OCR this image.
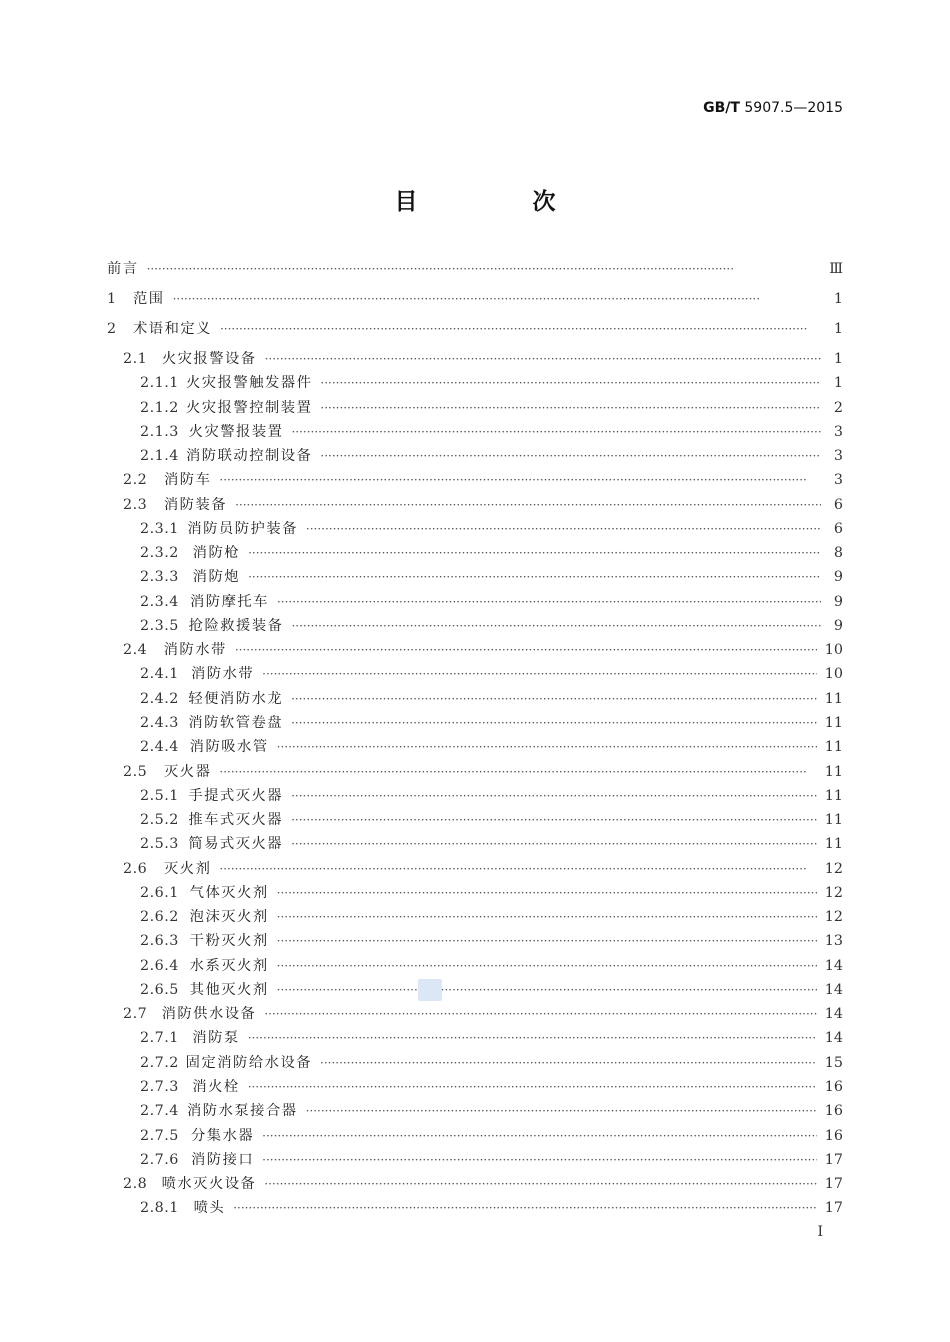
GB/T 5907.5—2015
目　次
前言 ·····	Ⅲ
1	范围 ·····	1
2	术语和定义 ·····	1
2.1	火灾报警设备 ·····	1
2.1.1 火灾报警触发器件 ·····	1
2.1.2 火灾报警控制装置 ·····	2
2.1.3 火灾警报装置 ·····	3
2.1.4 消防联动控制设备 ·····	3
2.2	消防车 ·····	3
2.3	消防装备 ·····	6
2.3.1 消防员防护装备 ·····	6
2.3.2 消防枪 ·····	8
2.3.3 消防炮 ·····	9
2.3.4 消防摩托车 ·····	9
2.3.5 抢险救援装备 ·····	9
2.4	消防水带 ·····	10
2.4.1 消防水带 ·····	10
2.4.2 轻便消防水龙 ·····	11
2.4.3 消防软管卷盘 ·····	11
2.4.4 消防吸水管 ·····	11
2.5	灭火器 ·····	11
2.5.1 手提式灭火器 ·····	11
2.5.2 推车式灭火器 ·····	11
2.5.3 简易式灭火器 ·····	11
2.6	灭火剂 ·····	12
2.6.1 气体灭火剂 ·····	12
2.6.2 泡沫灭火剂 ·····	12
2.6.3 干粉灭火剂 ·····	13
2.6.4 水系灭火剂 ·····	14
2.6.5 其他灭火剂 ·····	14
2.7	消防供水设备 ·····	14
2.7.1 消防泵 ·····	14
2.7.2 固定消防给水设备 ·····	15
2.7.3 消火栓 ·····	16
2.7.4 消防水泵接合器 ·····	16
2.7.5 分集水器 ·····	16
2.7.6 消防接口 ·····	17
2.8	喷水灭火设备 ·····	17
2.8.1	喷头 ·····	17
Ⅰ
